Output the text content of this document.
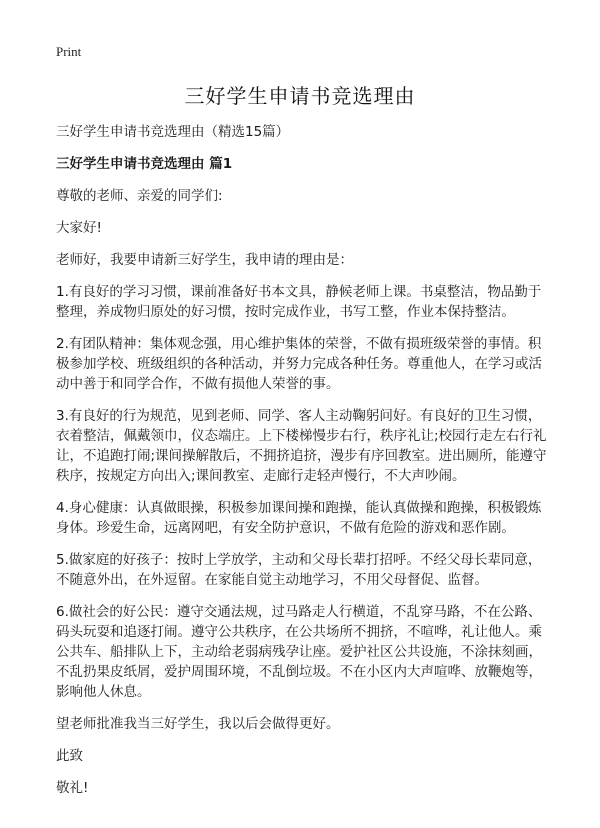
Print
三好学生申请书竞选理由

三好学生申请书竞选理由（精选15篇）

三好学生申请书竞选理由 篇1

尊敬的老师、亲爱的同学们:

大家好!

老师好，我要申请新三好学生，我申请的理由是：

1.有良好的学习习惯，课前准备好书本文具，静候老师上课。书桌整洁，物品勤于整理，养成物归原处的好习惯，按时完成作业，书写工整，作业本保持整洁。

2.有团队精神：集体观念强，用心维护集体的荣誉，不做有损班级荣誉的事情。积极参加学校、班级组织的各种活动，并努力完成各种任务。尊重他人，在学习或活动中善于和同学合作，不做有损他人荣誉的事。

3.有良好的行为规范，见到老师、同学、客人主动鞠躬问好。有良好的卫生习惯，衣着整洁，佩戴领巾，仪态端庄。上下楼梯慢步右行，秩序礼让;校园行走左右行礼让，不追跑打闹;课间操解散后，不拥挤追挤，漫步有序回教室。进出厕所，能遵守秩序，按规定方向出入;课间教室、走廊行走轻声慢行，不大声吵闹。

4.身心健康：认真做眼操，积极参加课间操和跑操，能认真做操和跑操，积极锻炼身体。珍爱生命，远离网吧，有安全防护意识，不做有危险的游戏和恶作剧。

5.做家庭的好孩子：按时上学放学，主动和父母长辈打招呼。不经父母长辈同意，不随意外出，在外逗留。在家能自觉主动地学习，不用父母督促、监督。

6.做社会的好公民：遵守交通法规，过马路走人行横道，不乱穿马路，不在公路、码头玩耍和追逐打闹。遵守公共秩序，在公共场所不拥挤，不喧哗，礼让他人。乘公共车、船排队上下，主动给老弱病残孕让座。爱护社区公共设施，不涂抹刻画，不乱扔果皮纸屑，爱护周围环境，不乱倒垃圾。不在小区内大声喧哗、放鞭炮等，影响他人休息。

望老师批准我当三好学生，我以后会做得更好。

此致

敬礼!
